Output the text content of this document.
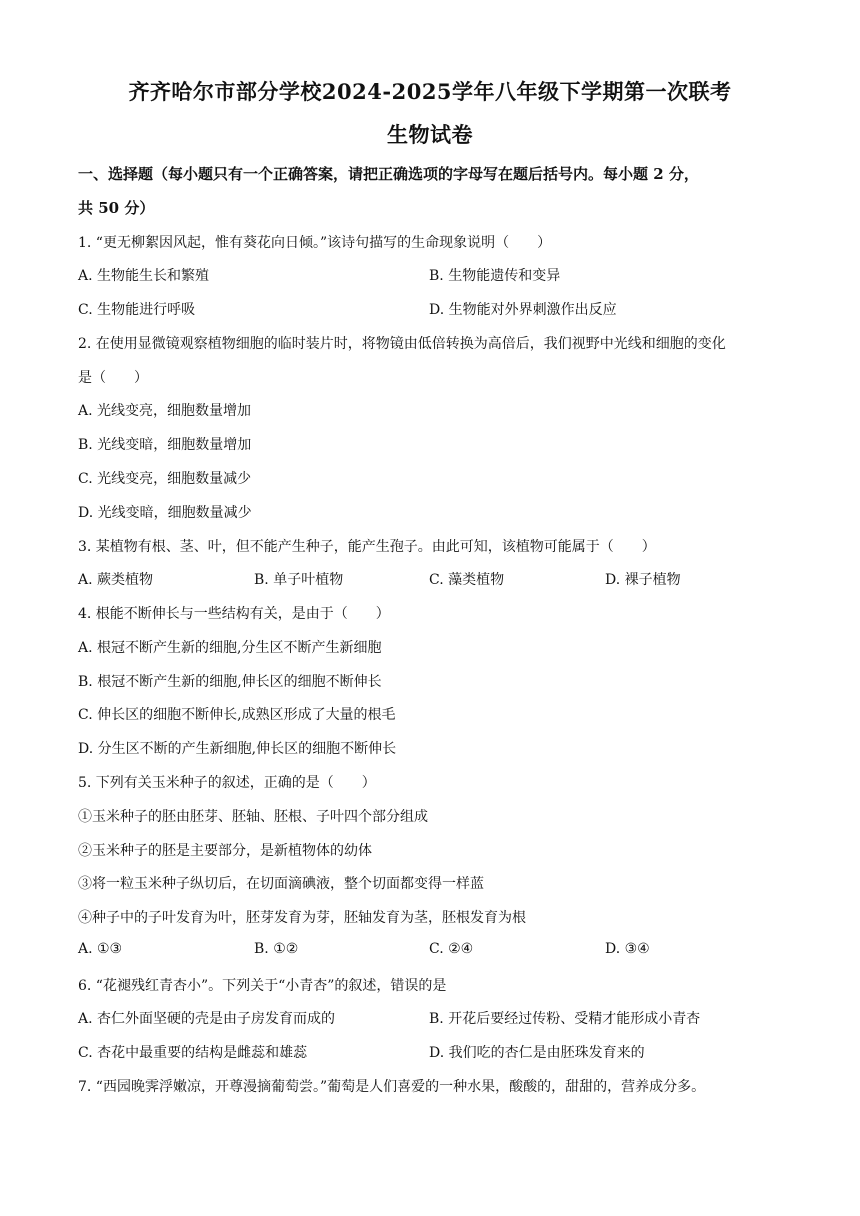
齐齐哈尔市部分学校2024-2025学年八年级下学期第一次联考
生物试卷
一、选择题（每小题只有一个正确答案，请把正确选项的字母写在题后括号内。每小题 2 分，
共 50 分）
1. “更无柳絮因风起，惟有葵花向日倾。”该诗句描写的生命现象说明（　　）
A. 生物能生长和繁殖	B. 生物能遗传和变异
C. 生物能进行呼吸	D. 生物能对外界刺激作出反应
2. 在使用显微镜观察植物细胞的临时装片时，将物镜由低倍转换为高倍后，我们视野中光线和细胞的变化
是（　　）
A. 光线变亮，细胞数量增加
B. 光线变暗，细胞数量增加
C. 光线变亮，细胞数量减少
D. 光线变暗，细胞数量减少
3. 某植物有根、茎、叶，但不能产生种子，能产生孢子。由此可知，该植物可能属于（　　）
A. 蕨类植物	B. 单子叶植物	C. 藻类植物	D. 裸子植物
4. 根能不断伸长与一些结构有关，是由于（　　）
A. 根冠不断产生新的细胞,分生区不断产生新细胞
B. 根冠不断产生新的细胞,伸长区的细胞不断伸长
C. 伸长区的细胞不断伸长,成熟区形成了大量的根毛
D. 分生区不断的产生新细胞,伸长区的细胞不断伸长
5. 下列有关玉米种子的叙述，正确的是（　　）
①玉米种子的胚由胚芽、胚轴、胚根、子叶四个部分组成
②玉米种子的胚是主要部分，是新植物体的幼体
③将一粒玉米种子纵切后，在切面滴碘液，整个切面都变得一样蓝
④种子中的子叶发育为叶，胚芽发育为芽，胚轴发育为茎，胚根发育为根
A. ①③	B. ①②	C. ②④	D. ③④
6. “花褪残红青杏小”。下列关于“小青杏”的叙述，错误的是
A. 杏仁外面坚硬的壳是由子房发育而成的	B. 开花后要经过传粉、受精才能形成小青杏
C. 杏花中最重要的结构是雌蕊和雄蕊	D. 我们吃的杏仁是由胚珠发育来的
7. “西园晚霁浮嫩凉，开尊漫摘葡萄尝。”葡萄是人们喜爱的一种水果，酸酸的，甜甜的，营养成分多。
